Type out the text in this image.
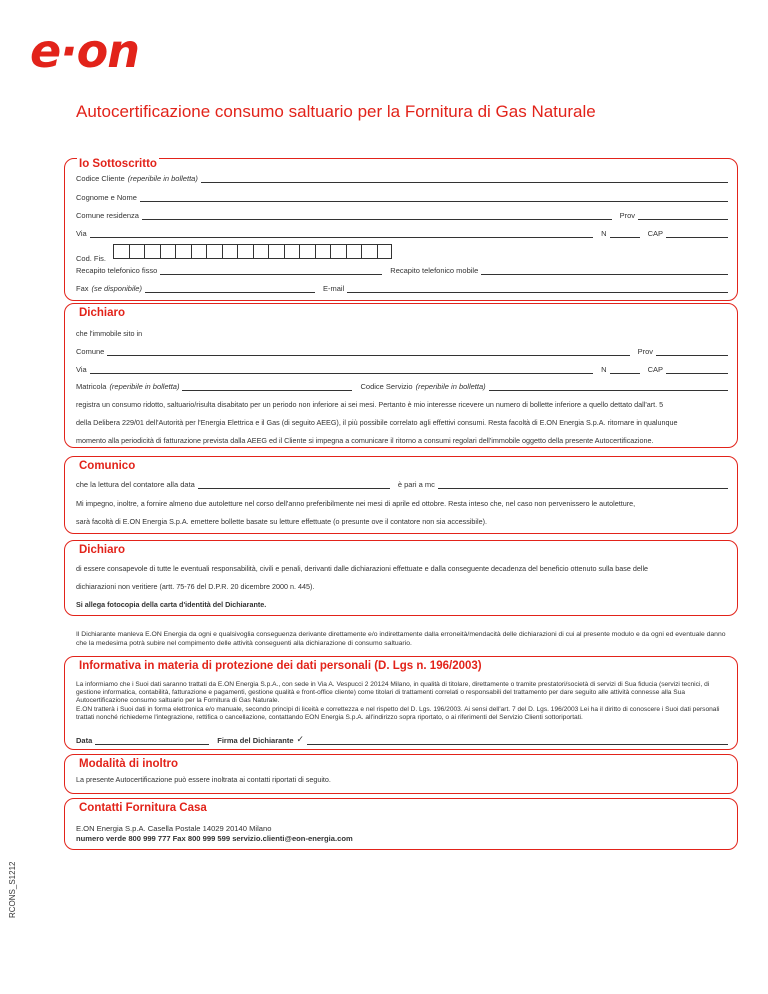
e·on
Autocertificazione consumo saltuario per la Fornitura di Gas Naturale
Io Sottoscritto
Codice Cliente (reperibile in bolletta)
Cognome e Nome
Comune residenza	Prov
Via	N	CAP
Cod. Fis.
Recapito telefonico fisso	Recapito telefonico mobile
Fax (se disponibile)	E-mail
Dichiaro
che l'immobile sito in
Comune	Prov
Via	N	CAP
Matricola (reperibile in bolletta)	Codice Servizio (reperibile in bolletta)
registra un consumo ridotto, saltuario/risulta disabitato per un periodo non inferiore ai sei mesi. Pertanto è mio interesse ricevere un numero di bollette inferiore a quello dettato dall'art. 5
della Delibera 229/01 dell'Autorità per l'Energia Elettrica e il Gas (di seguito AEEG), il più possibile correlato agli effettivi consumi. Resta facoltà di E.ON Energia S.p.A. ritornare in qualunque
momento alla periodicità di fatturazione prevista dalla AEEG ed il Cliente si impegna a comunicare il ritorno a consumi regolari dell'immobile oggetto della presente Autocertificazione.
Comunico
che la lettura del contatore alla data	è pari a mc
Mi impegno, inoltre, a fornire almeno due autoletture nel corso dell'anno preferibilmente nei mesi di aprile ed ottobre. Resta inteso che, nel caso non pervenissero le autoletture,
sarà facoltà di E.ON Energia S.p.A. emettere bollette basate su letture effettuate (o presunte ove il contatore non sia accessibile).
Dichiaro
di essere consapevole di tutte le eventuali responsabilità, civili e penali, derivanti dalle dichiarazioni effettuate e dalla conseguente decadenza del beneficio ottenuto sulla base delle
dichiarazioni non veritiere (artt. 75-76 del D.P.R. 20 dicembre 2000 n. 445).
Si allega fotocopia della carta d'identità del Dichiarante.
Il Dichiarante manleva E.ON Energia da ogni e qualsivoglia conseguenza derivante direttamente e/o indirettamente dalla erroneità/mendacità delle dichiarazioni di cui al presente modulo e da ogni ed eventuale danno che la medesima potrà subire nel compimento delle attività conseguenti alla dichiarazione di consumo saltuario.
Informativa in materia di protezione dei dati personali (D. Lgs n. 196/2003)
La informiamo che i Suoi dati saranno trattati da E.ON Energia S.p.A., con sede in Via A. Vespucci 2 20124 Milano, in qualità di titolare, direttamente o tramite prestatori/società di servizi di Sua fiducia (servizi tecnici, di gestione informatica, contabilità, fatturazione e pagamenti, gestione qualità e front-office cliente) come titolari di trattamenti correlati o responsabili del trattamento per dare seguito alle attività connesse alla Sua Autocertificazione consumo saltuario per la Fornitura di Gas Naturale.
E.ON tratterà i Suoi dati in forma elettronica e/o manuale, secondo principi di liceità e correttezza e nel rispetto del D. Lgs. 196/2003. Ai sensi dell'art. 7 del D. Lgs. 196/2003 Lei ha il diritto di conoscere i Suoi dati personali trattati nonché richiederne l'integrazione, rettifica o cancellazione, contattando EON Energia S.p.A. all'indirizzo sopra riportato, o ai riferimenti del Servizio Clienti sottoriportati.
Data	Firma del Dichiarante ✓
Modalità di inoltro
La presente Autocertificazione può essere inoltrata ai contatti riportati di seguito.
Contatti Fornitura Casa
E.ON Energia S.p.A. Casella Postale 14029 20140 Milano
numero verde 800 999 777 Fax 800 999 599 servizio.clienti@eon-energia.com
RCONS_S1212
